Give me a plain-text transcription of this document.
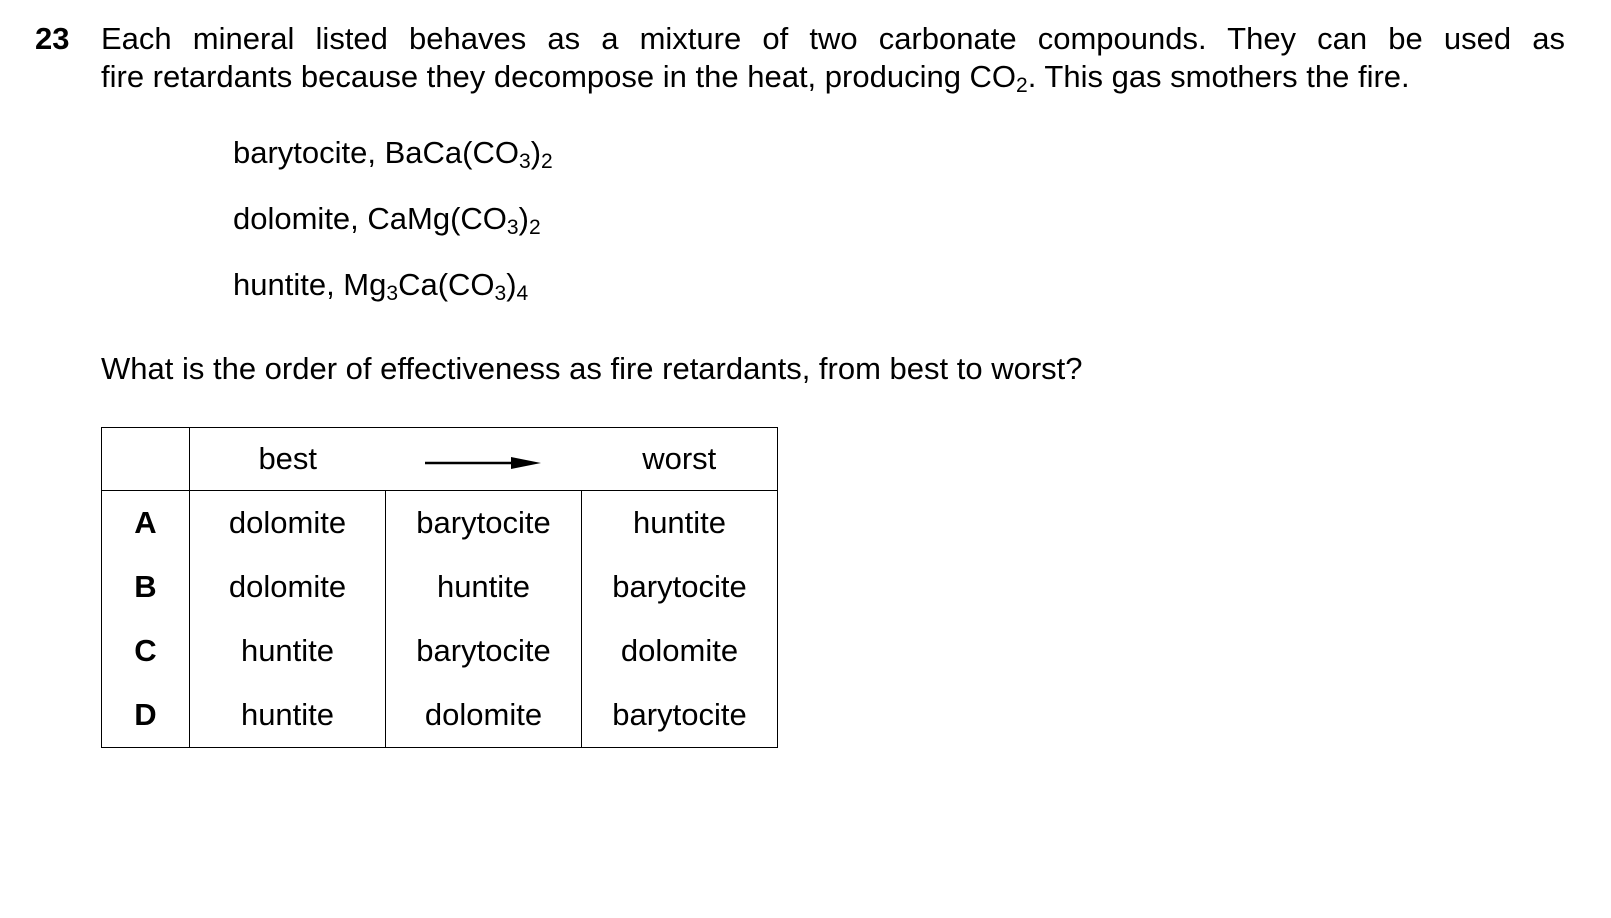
23 Each mineral listed behaves as a mixture of two carbonate compounds. They can be used as
fire retardants because they decompose in the heat, producing $CO_2$. This gas smothers the fire.
barytocite, $BaCa(CO_3)_2$
dolomite, $CaMg(CO_3)_2$
huntite, $Mg_3Ca(CO_3)_4$
What is the order of effectiveness as fire retardants, from best to worst?
	best		worst
A	dolomite	barytocite	huntite
B	dolomite	huntite	barytocite
C	huntite	barytocite	dolomite
D	huntite	dolomite	barytocite
